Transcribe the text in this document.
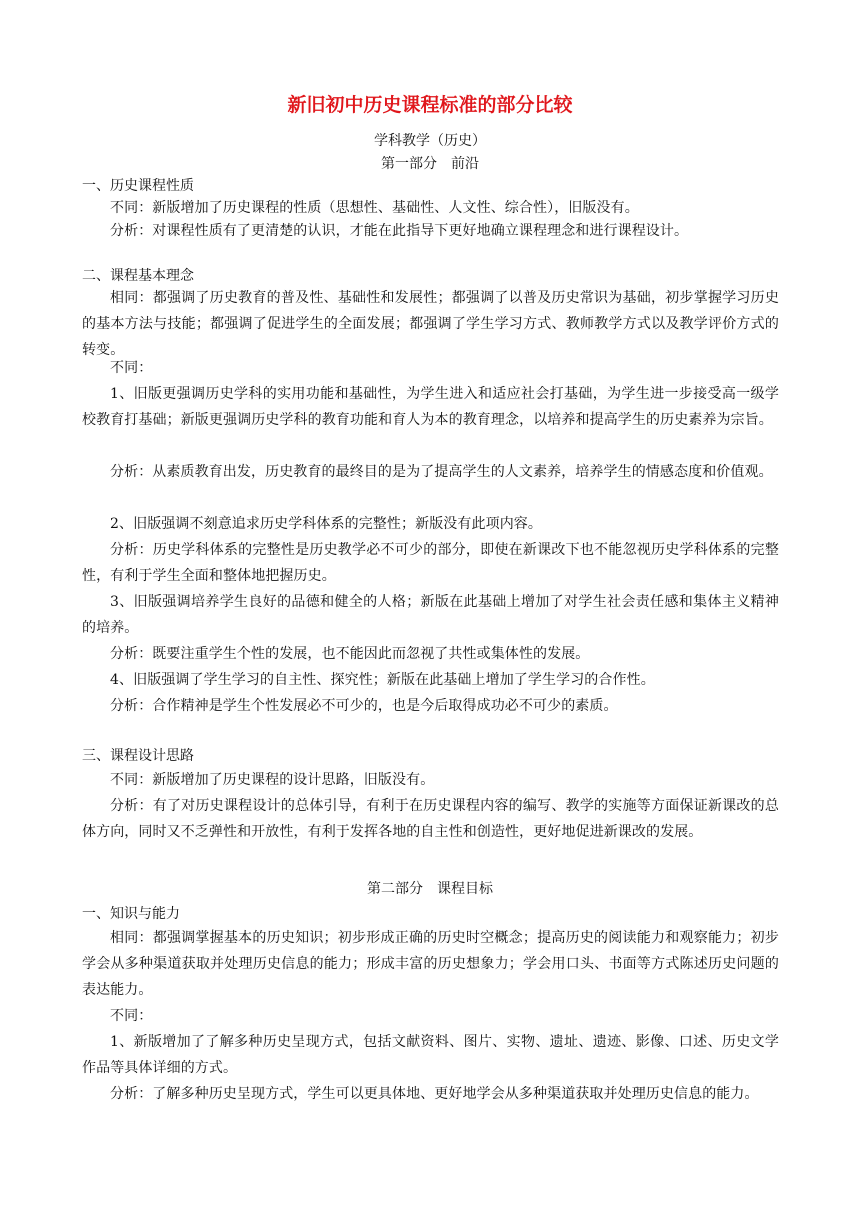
新旧初中历史课程标准的部分比较
学科教学（历史）
第一部分　前沿
一、历史课程性质
不同：新版增加了历史课程的性质（思想性、基础性、人文性、综合性），旧版没有。
分析：对课程性质有了更清楚的认识，才能在此指导下更好地确立课程理念和进行课程设计。
二、课程基本理念
相同：都强调了历史教育的普及性、基础性和发展性；都强调了以普及历史常识为基础，初步掌握学习历史的基本方法与技能；都强调了促进学生的全面发展；都强调了学生学习方式、教师教学方式以及教学评价方式的转变。
不同：
1、旧版更强调历史学科的实用功能和基础性，为学生进入和适应社会打基础，为学生进一步接受高一级学校教育打基础；新版更强调历史学科的教育功能和育人为本的教育理念，以培养和提高学生的历史素养为宗旨。
分析：从素质教育出发，历史教育的最终目的是为了提高学生的人文素养，培养学生的情感态度和价值观。
2、旧版强调不刻意追求历史学科体系的完整性；新版没有此项内容。
分析：历史学科体系的完整性是历史教学必不可少的部分，即使在新课改下也不能忽视历史学科体系的完整性，有利于学生全面和整体地把握历史。
3、旧版强调培养学生良好的品德和健全的人格；新版在此基础上增加了对学生社会责任感和集体主义精神的培养。
分析：既要注重学生个性的发展，也不能因此而忽视了共性或集体性的发展。
4、旧版强调了学生学习的自主性、探究性；新版在此基础上增加了学生学习的合作性。
分析：合作精神是学生个性发展必不可少的，也是今后取得成功必不可少的素质。
三、课程设计思路
不同：新版增加了历史课程的设计思路，旧版没有。
分析：有了对历史课程设计的总体引导，有利于在历史课程内容的编写、教学的实施等方面保证新课改的总体方向，同时又不乏弹性和开放性，有利于发挥各地的自主性和创造性，更好地促进新课改的发展。
第二部分　课程目标
一、知识与能力
相同：都强调掌握基本的历史知识；初步形成正确的历史时空概念；提高历史的阅读能力和观察能力；初步学会从多种渠道获取并处理历史信息的能力；形成丰富的历史想象力；学会用口头、书面等方式陈述历史问题的表达能力。
不同：
1、新版增加了了解多种历史呈现方式，包括文献资料、图片、实物、遗址、遗迹、影像、口述、历史文学作品等具体详细的方式。
分析：了解多种历史呈现方式，学生可以更具体地、更好地学会从多种渠道获取并处理历史信息的能力。
